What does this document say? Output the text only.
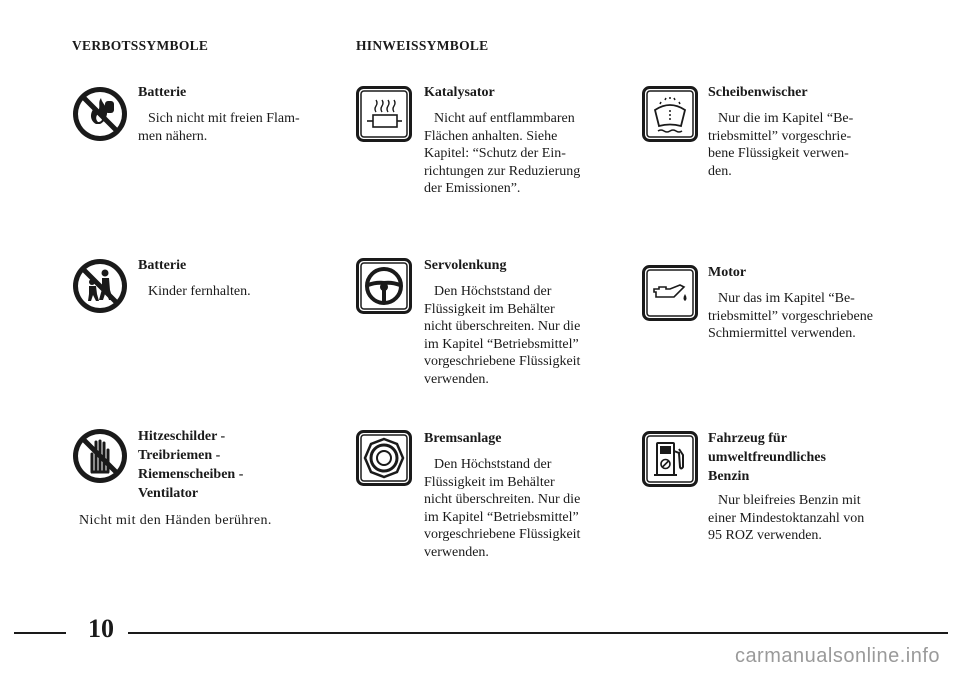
VERBOTSSYMBOLE	HINWEISSYMBOLE

Batterie

Sich nicht mit freien Flam-
men nähern.

Batterie

Kinder fernhalten.

Hitzeschilder -
Treibriemen -
Riemenscheiben -
Ventilator

Nicht mit den Händen berühren.

Katalysator

Nicht auf entflammbaren
Flächen anhalten. Siehe
Kapitel: “Schutz der Ein-
richtungen zur Reduzierung
der Emissionen”.

Servolenkung

Den Höchststand der
Flüssigkeit im Behälter
nicht überschreiten. Nur die
im Kapitel “Betriebsmittel”
vorgeschriebene Flüssigkeit
verwenden.

Bremsanlage

Den Höchststand der
Flüssigkeit im Behälter
nicht überschreiten. Nur die
im Kapitel “Betriebsmittel”
vorgeschriebene Flüssigkeit
verwenden.

Scheibenwischer

Nur die im Kapitel “Be-
triebsmittel” vorgeschrie-
bene Flüssigkeit verwen-
den.

Motor

Nur das im Kapitel “Be-
triebsmittel” vorgeschriebene
Schmiermittel verwenden.

Fahrzeug für
umweltfreundliches
Benzin

Nur bleifreies Benzin mit
einer Mindestoktanzahl von
95 ROZ verwenden.

10

carmanualsonline.info
